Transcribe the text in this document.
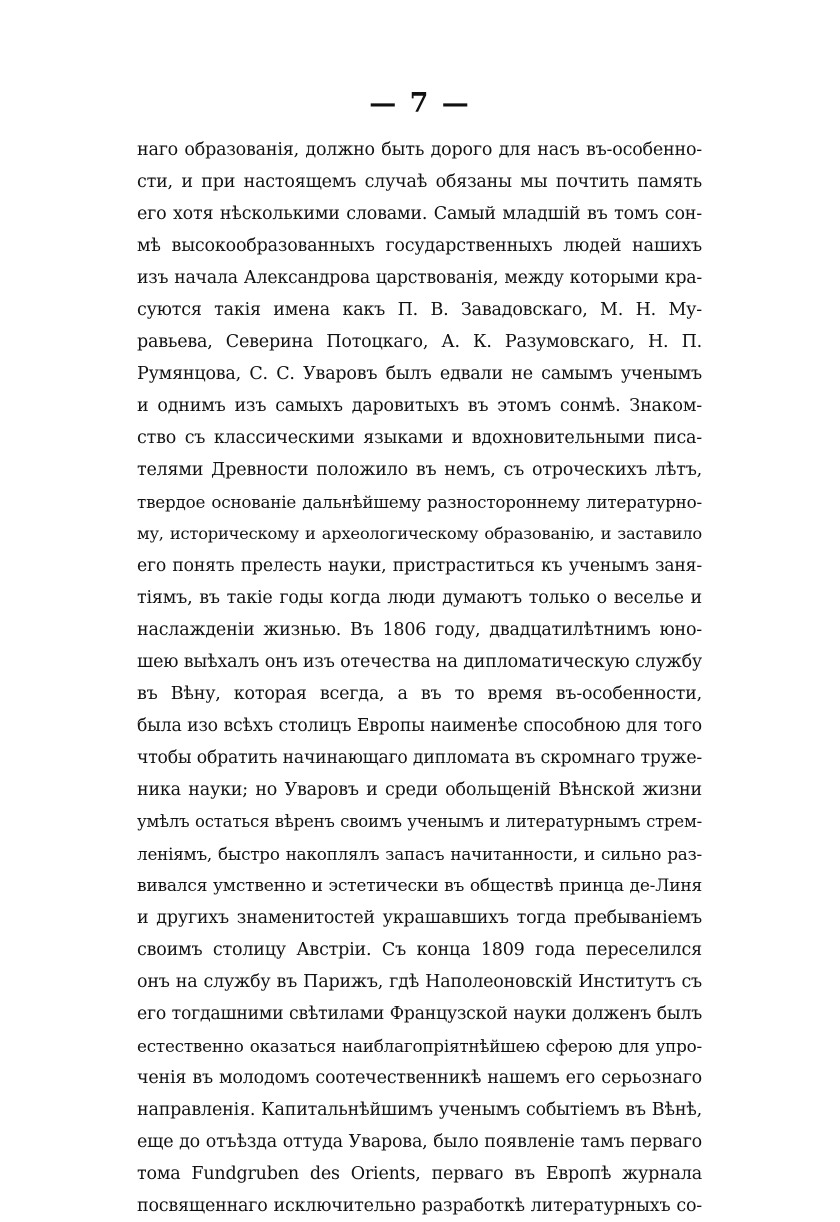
— 7 —
наго образованія, должно быть дорого для насъ въ-особенно-
сти, и при настоящемъ случаѣ обязаны мы почтить память
его хотя нѣсколькими словами. Самый младшій въ томъ сон-
мѣ высокообразованныхъ государственныхъ людей нашихъ
изъ начала Александрова царствованія, между которыми кра-
суются такія имена какъ П. В. Завадовскаго, М. Н. Му-
равьева, Северина Потоцкаго, А. К. Разумовскаго, Н. П.
Румянцова, С. С. Уваровъ былъ едвали не самымъ ученымъ
и однимъ изъ самыхъ даровитыхъ въ этомъ сонмѣ. Знаком-
ство съ классическими языками и вдохновительными писа-
телями Древности положило въ немъ, съ отроческихъ лѣтъ,
твердое основаніе дальнѣйшему разностороннему литературно-
му, историческому и археологическому образованію, и заставило
его понять прелесть науки, пристраститься къ ученымъ заня-
тіямъ, въ такіе годы когда люди думаютъ только о веселье и
наслажденіи жизнью. Въ 1806 году, двадцатилѣтнимъ юно-
шею выѣхалъ онъ изъ отечества на дипломатическую службу
въ Вѣну, которая всегда, а въ то время въ-особенности,
была изо всѣхъ столицъ Европы наименѣе способною для того
чтобы обратить начинающаго дипломата въ скромнаго труже-
ника науки; но Уваровъ и среди обольщеній Вѣнской жизни
умѣлъ остаться вѣренъ своимъ ученымъ и литературнымъ стрем-
леніямъ, быстро накоплялъ запасъ начитанности, и сильно раз-
вивался умственно и эстетически въ обществѣ принца де-Линя
и другихъ знаменитостей украшавшихъ тогда пребываніемъ
своимъ столицу Австріи. Съ конца 1809 года переселился
онъ на службу въ Парижъ, гдѣ Наполеоновскій Институтъ съ
его тогдашними свѣтилами Французской науки долженъ былъ
естественно оказаться наиблагопріятнѣйшею сферою для упро-
ченія въ молодомъ соотечественникѣ нашемъ его серьознаго
направленія. Капитальнѣйшимъ ученымъ событіемъ въ Вѣнѣ,
еще до отъѣзда оттуда Уварова, было появленіе тамъ перваго
тома Fundgruben des Orients, перваго въ Европѣ журнала
посвященнаго исключительно разработкѣ литературныхъ со-
